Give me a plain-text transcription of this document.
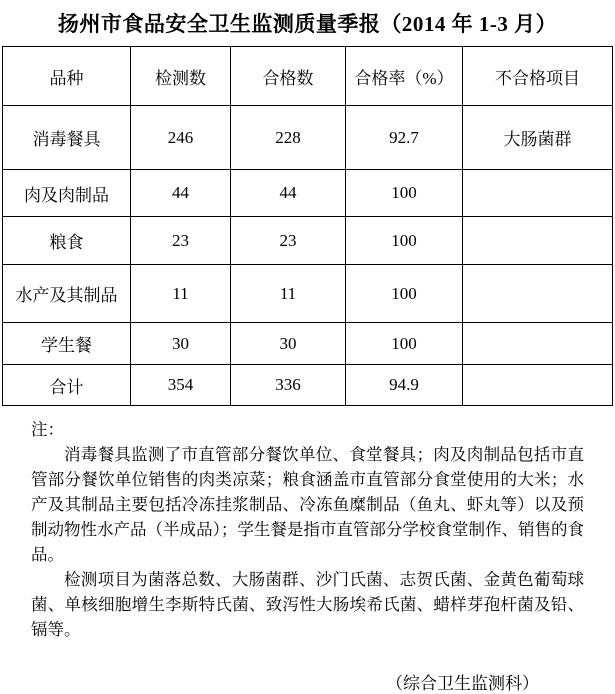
扬州市食品安全卫生监测质量季报（2014 年 1-3 月）
品种	检测数	合格数	合格率（%）	不合格项目
消毒餐具	246	228	92.7	大肠菌群
肉及肉制品	44	44	100	
粮食	23	23	100	
水产及其制品	11	11	100	
学生餐	30	30	100	
合计	354	336	94.9	
注：

消毒餐具监测了市直管部分餐饮单位、食堂餐具；肉及肉制品包括市直管部分餐饮单位销售的肉类凉菜；粮食涵盖市直管部分食堂使用的大米；水产及其制品主要包括冷冻挂浆制品、冷冻鱼糜制品（鱼丸、虾丸等）以及预制动物性水产品（半成品）；学生餐是指市直管部分学校食堂制作、销售的食品。

检测项目为菌落总数、大肠菌群、沙门氏菌、志贺氏菌、金黄色葡萄球菌、单核细胞增生李斯特氏菌、致泻性大肠埃希氏菌、蜡样芽孢杆菌及铅、镉等。

（综合卫生监测科）
